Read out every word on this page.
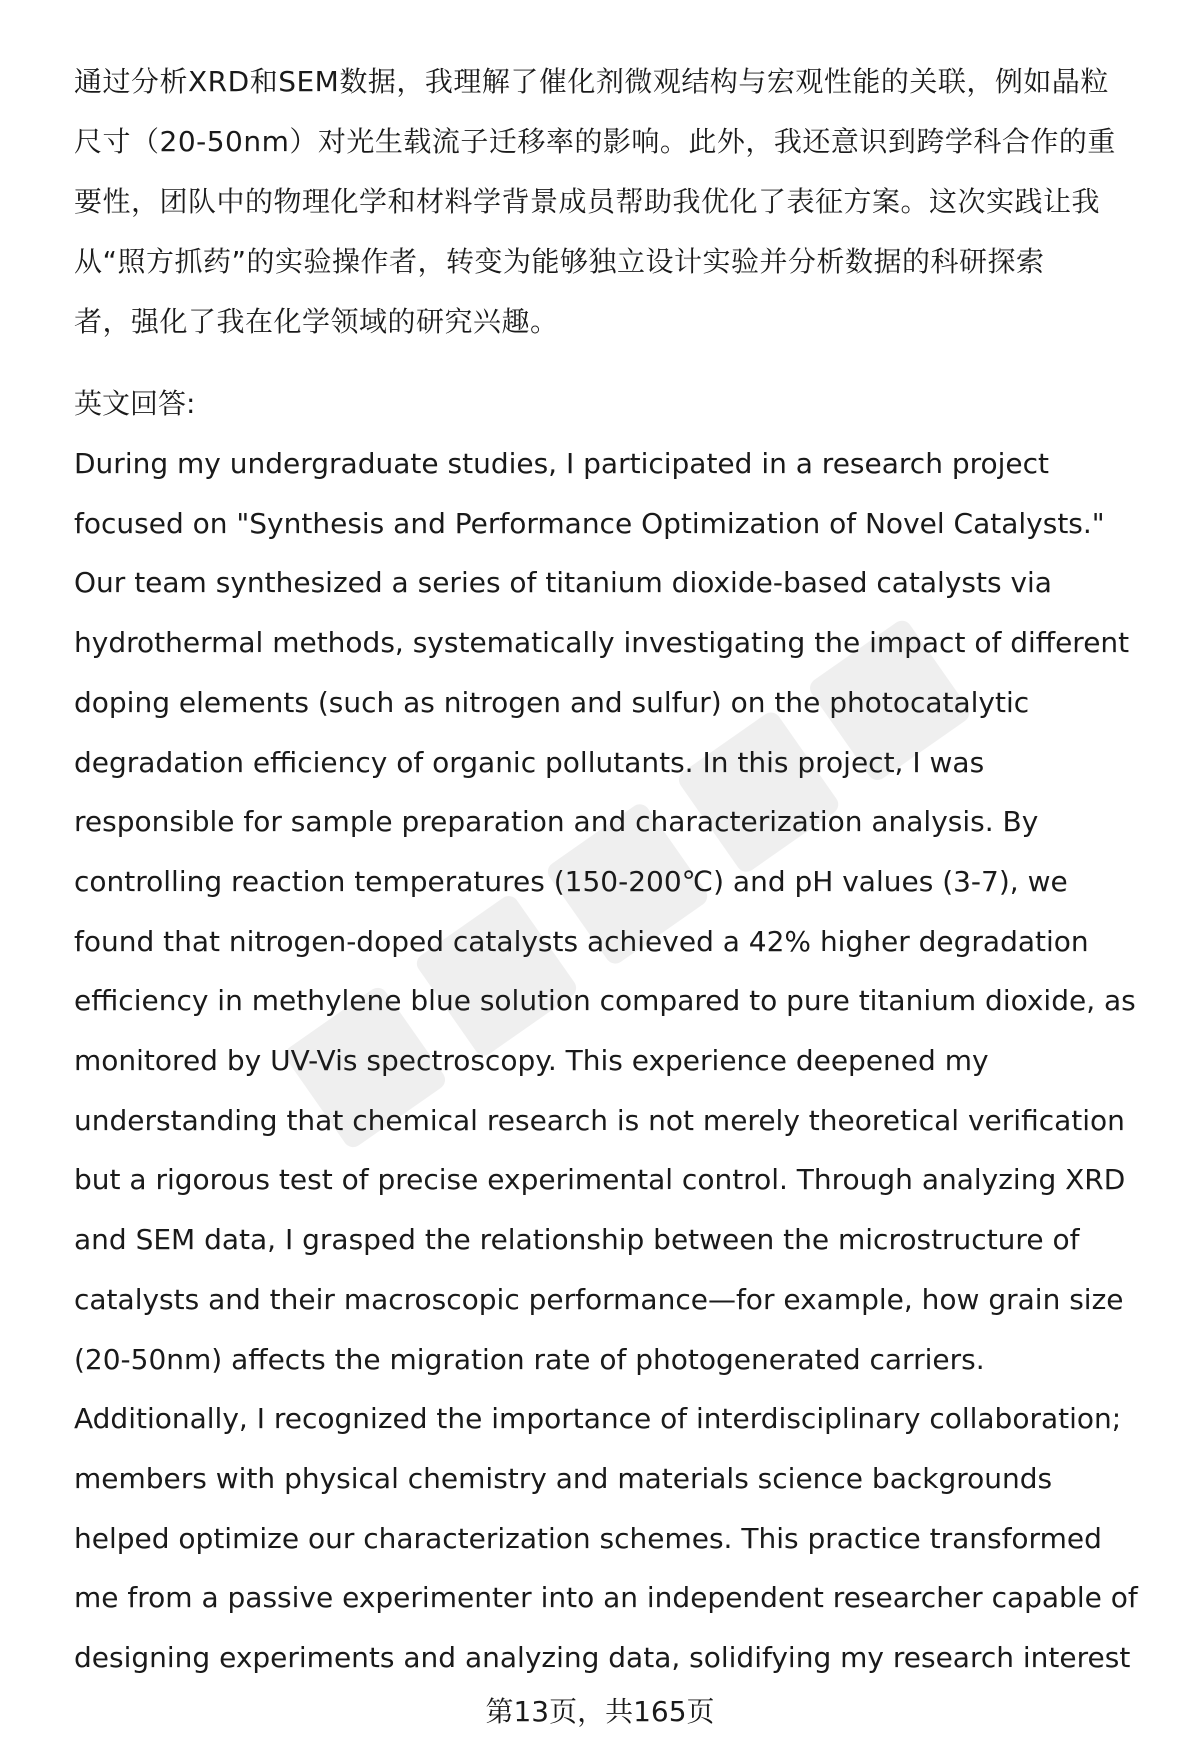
通过分析XRD和SEM数据，我理解了催化剂微观结构与宏观性能的关联，例如晶粒
尺寸（20-50nm）对光生载流子迁移率的影响。此外，我还意识到跨学科合作的重
要性，团队中的物理化学和材料学背景成员帮助我优化了表征方案。这次实践让我
从“照方抓药”的实验操作者，转变为能够独立设计实验并分析数据的科研探索
者，强化了我在化学领域的研究兴趣。
英文回答:
During my undergraduate studies, I participated in a research project
focused on "Synthesis and Performance Optimization of Novel Catalysts."
Our team synthesized a series of titanium dioxide-based catalysts via
hydrothermal methods, systematically investigating the impact of different
doping elements (such as nitrogen and sulfur) on the photocatalytic
degradation efficiency of organic pollutants. In this project, I was
responsible for sample preparation and characterization analysis. By
controlling reaction temperatures (150-200℃) and pH values (3-7), we
found that nitrogen-doped catalysts achieved a 42% higher degradation
efficiency in methylene blue solution compared to pure titanium dioxide, as
monitored by UV-Vis spectroscopy. This experience deepened my
understanding that chemical research is not merely theoretical verification
but a rigorous test of precise experimental control. Through analyzing XRD
and SEM data, I grasped the relationship between the microstructure of
catalysts and their macroscopic performance—for example, how grain size
(20-50nm) affects the migration rate of photogenerated carriers.
Additionally, I recognized the importance of interdisciplinary collaboration;
members with physical chemistry and materials science backgrounds
helped optimize our characterization schemes. This practice transformed
me from a passive experimenter into an independent researcher capable of
designing experiments and analyzing data, solidifying my research interest
第13页，共165页
